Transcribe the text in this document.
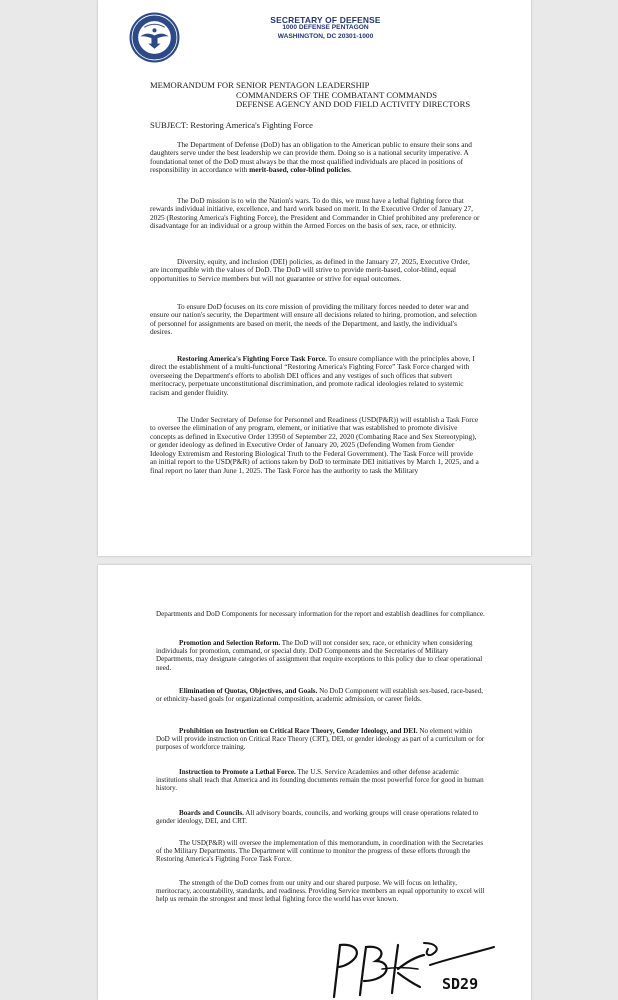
SECRETARY OF DEFENSE
1000 DEFENSE PENTAGON
WASHINGTON, DC 20301-1000
MEMORANDUM FOR SENIOR PENTAGON LEADERSHIP
COMMANDERS OF THE COMBATANT COMMANDS
DEFENSE AGENCY AND DOD FIELD ACTIVITY DIRECTORS
SUBJECT: Restoring America's Fighting Force

The Department of Defense (DoD) has an obligation to the American public to ensure their sons and daughters serve under the best leadership we can provide them. Doing so is a national security imperative. A foundational tenet of the DoD must always be that the most qualified individuals are placed in positions of responsibility in accordance with merit-based, color-blind policies.

The DoD mission is to win the Nation's wars. To do this, we must have a lethal fighting force that rewards individual initiative, excellence, and hard work based on merit. In the Executive Order of January 27, 2025 (Restoring America's Fighting Force), the President and Commander in Chief prohibited any preference or disadvantage for an individual or a group within the Armed Forces on the basis of sex, race, or ethnicity.

Diversity, equity, and inclusion (DEI) policies, as defined in the January 27, 2025, Executive Order, are incompatible with the values of DoD. The DoD will strive to provide merit-based, color-blind, equal opportunities to Service members but will not guarantee or strive for equal outcomes.

To ensure DoD focuses on its core mission of providing the military forces needed to deter war and ensure our nation's security, the Department will ensure all decisions related to hiring, promotion, and selection of personnel for assignments are based on merit, the needs of the Department, and lastly, the individual's desires.

Restoring America's Fighting Force Task Force. To ensure compliance with the principles above, I direct the establishment of a multi-functional “Restoring America's Fighting Force” Task Force charged with overseeing the Department's efforts to abolish DEI offices and any vestiges of such offices that subvert meritocracy, perpetuate unconstitutional discrimination, and promote radical ideologies related to systemic racism and gender fluidity.

The Under Secretary of Defense for Personnel and Readiness (USD(P&R)) will establish a Task Force to oversee the elimination of any program, element, or initiative that was established to promote divisive concepts as defined in Executive Order 13950 of September 22, 2020 (Combating Race and Sex Stereotyping), or gender ideology as defined in Executive Order of January 20, 2025 (Defending Women from Gender Ideology Extremism and Restoring Biological Truth to the Federal Government). The Task Force will provide an initial report to the USD(P&R) of actions taken by DoD to terminate DEI initiatives by March 1, 2025, and a final report no later than June 1, 2025. The Task Force has the authority to task the Military

Departments and DoD Components for necessary information for the report and establish deadlines for compliance.

Promotion and Selection Reform. The DoD will not consider sex, race, or ethnicity when considering individuals for promotion, command, or special duty. DoD Components and the Secretaries of Military Departments, may designate categories of assignment that require exceptions to this policy due to clear operational need.

Elimination of Quotas, Objectives, and Goals. No DoD Component will establish sex-based, race-based, or ethnicity-based goals for organizational composition, academic admission, or career fields.

Prohibition on Instruction on Critical Race Theory, Gender Ideology, and DEI. No element within DoD will provide instruction on Critical Race Theory (CRT), DEI, or gender ideology as part of a curriculum or for purposes of workforce training.

Instruction to Promote a Lethal Force. The U.S. Service Academies and other defense academic institutions shall teach that America and its founding documents remain the most powerful force for good in human history.

Boards and Councils. All advisory boards, councils, and working groups will cease operations related to gender ideology, DEI, and CRT.

The USD(P&R) will oversee the implementation of this memorandum, in coordination with the Secretaries of the Military Departments. The Department will continue to monitor the progress of these efforts through the Restoring America's Fighting Force Task Force.

The strength of the DoD comes from our unity and our shared purpose. We will focus on lethality, meritocracy, accountability, standards, and readiness. Providing Service members an equal opportunity to excel will help us remain the strongest and most lethal fighting force the world has ever known.

SD29
